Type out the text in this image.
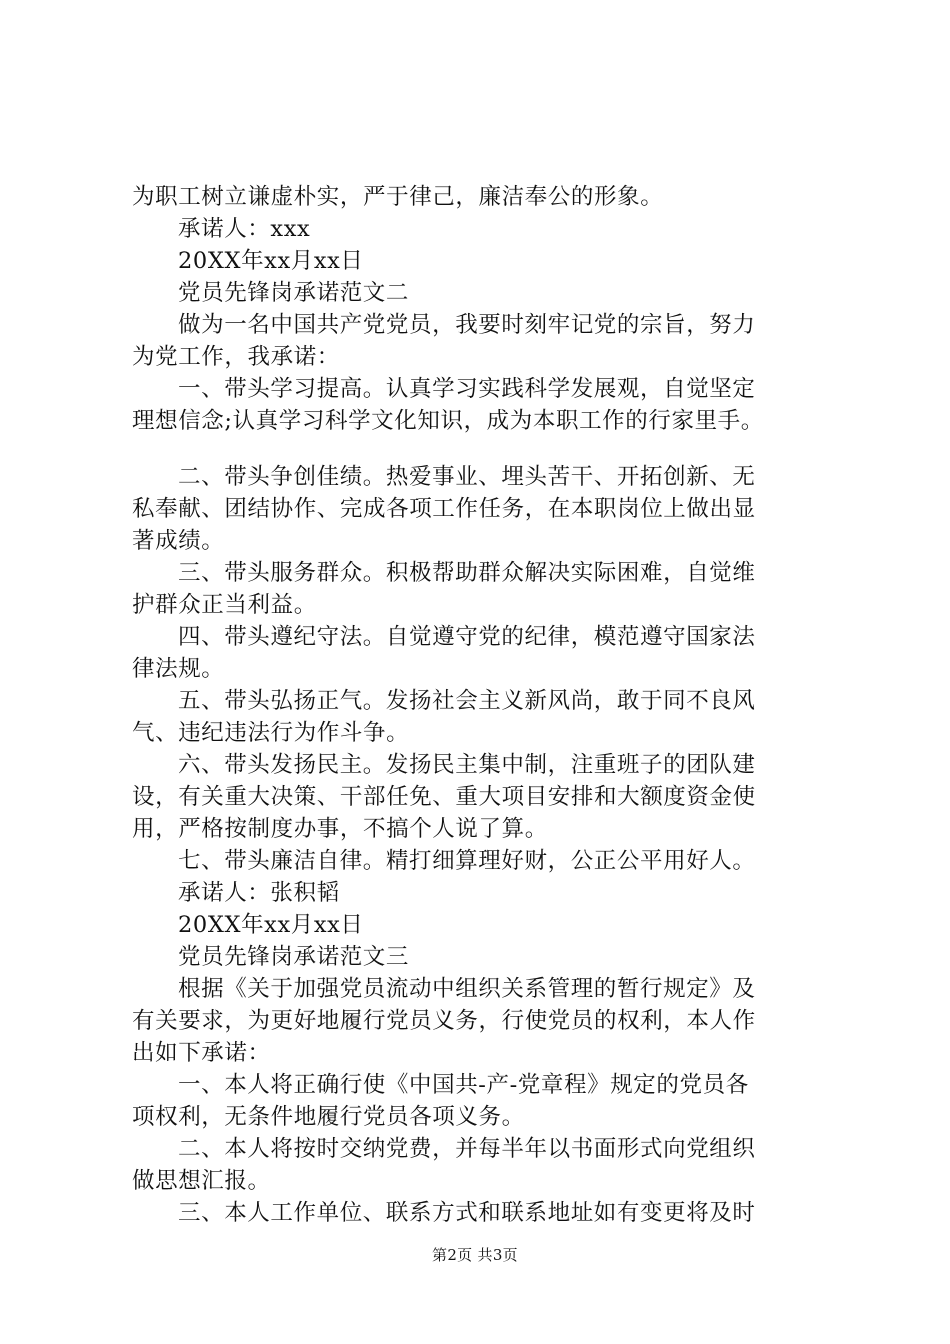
为职工树立谦虚朴实，严于律己，廉洁奉公的形象。
承诺人：xxx
20XX年xx月xx日
党员先锋岗承诺范文二
做为一名中国共产党党员，我要时刻牢记党的宗旨，努力
为党工作，我承诺：
一、带头学习提高。认真学习实践科学发展观，自觉坚定
理想信念;认真学习科学文化知识，成为本职工作的行家里手。
二、带头争创佳绩。热爱事业、埋头苦干、开拓创新、无
私奉献、团结协作、完成各项工作任务，在本职岗位上做出显
著成绩。
三、带头服务群众。积极帮助群众解决实际困难，自觉维
护群众正当利益。
四、带头遵纪守法。自觉遵守党的纪律，模范遵守国家法
律法规。
五、带头弘扬正气。发扬社会主义新风尚，敢于同不良风
气、违纪违法行为作斗争。
六、带头发扬民主。发扬民主集中制，注重班子的团队建
设，有关重大决策、干部任免、重大项目安排和大额度资金使
用，严格按制度办事，不搞个人说了算。
七、带头廉洁自律。精打细算理好财，公正公平用好人。
承诺人：张积韬
20XX年xx月xx日
党员先锋岗承诺范文三
根据《关于加强党员流动中组织关系管理的暂行规定》及
有关要求，为更好地履行党员义务，行使党员的权利，本人作
出如下承诺：
一、本人将正确行使《中国共-产-党章程》规定的党员各
项权利，无条件地履行党员各项义务。
二、本人将按时交纳党费，并每半年以书面形式向党组织
做思想汇报。
三、本人工作单位、联系方式和联系地址如有变更将及时
第2页 共3页
